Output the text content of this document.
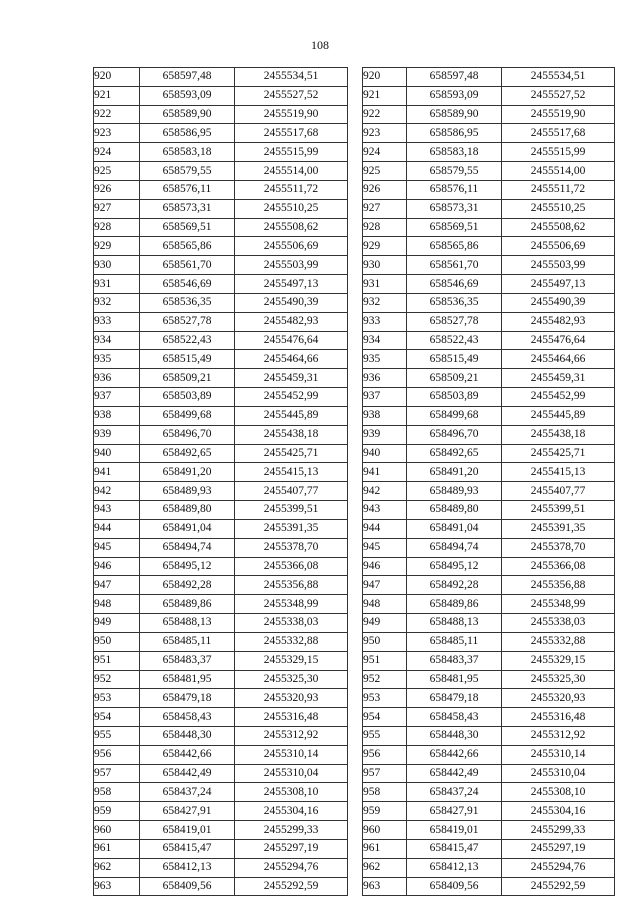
108
920	658597,48	2455534,51
921	658593,09	2455527,52
922	658589,90	2455519,90
923	658586,95	2455517,68
924	658583,18	2455515,99
925	658579,55	2455514,00
926	658576,11	2455511,72
927	658573,31	2455510,25
928	658569,51	2455508,62
929	658565,86	2455506,69
930	658561,70	2455503,99
931	658546,69	2455497,13
932	658536,35	2455490,39
933	658527,78	2455482,93
934	658522,43	2455476,64
935	658515,49	2455464,66
936	658509,21	2455459,31
937	658503,89	2455452,99
938	658499,68	2455445,89
939	658496,70	2455438,18
940	658492,65	2455425,71
941	658491,20	2455415,13
942	658489,93	2455407,77
943	658489,80	2455399,51
944	658491,04	2455391,35
945	658494,74	2455378,70
946	658495,12	2455366,08
947	658492,28	2455356,88
948	658489,86	2455348,99
949	658488,13	2455338,03
950	658485,11	2455332,88
951	658483,37	2455329,15
952	658481,95	2455325,30
953	658479,18	2455320,93
954	658458,43	2455316,48
955	658448,30	2455312,92
956	658442,66	2455310,14
957	658442,49	2455310,04
958	658437,24	2455308,10
959	658427,91	2455304,16
960	658419,01	2455299,33
961	658415,47	2455297,19
962	658412,13	2455294,76
963	658409,56	2455292,59
920	658597,48	2455534,51
921	658593,09	2455527,52
922	658589,90	2455519,90
923	658586,95	2455517,68
924	658583,18	2455515,99
925	658579,55	2455514,00
926	658576,11	2455511,72
927	658573,31	2455510,25
928	658569,51	2455508,62
929	658565,86	2455506,69
930	658561,70	2455503,99
931	658546,69	2455497,13
932	658536,35	2455490,39
933	658527,78	2455482,93
934	658522,43	2455476,64
935	658515,49	2455464,66
936	658509,21	2455459,31
937	658503,89	2455452,99
938	658499,68	2455445,89
939	658496,70	2455438,18
940	658492,65	2455425,71
941	658491,20	2455415,13
942	658489,93	2455407,77
943	658489,80	2455399,51
944	658491,04	2455391,35
945	658494,74	2455378,70
946	658495,12	2455366,08
947	658492,28	2455356,88
948	658489,86	2455348,99
949	658488,13	2455338,03
950	658485,11	2455332,88
951	658483,37	2455329,15
952	658481,95	2455325,30
953	658479,18	2455320,93
954	658458,43	2455316,48
955	658448,30	2455312,92
956	658442,66	2455310,14
957	658442,49	2455310,04
958	658437,24	2455308,10
959	658427,91	2455304,16
960	658419,01	2455299,33
961	658415,47	2455297,19
962	658412,13	2455294,76
963	658409,56	2455292,59
